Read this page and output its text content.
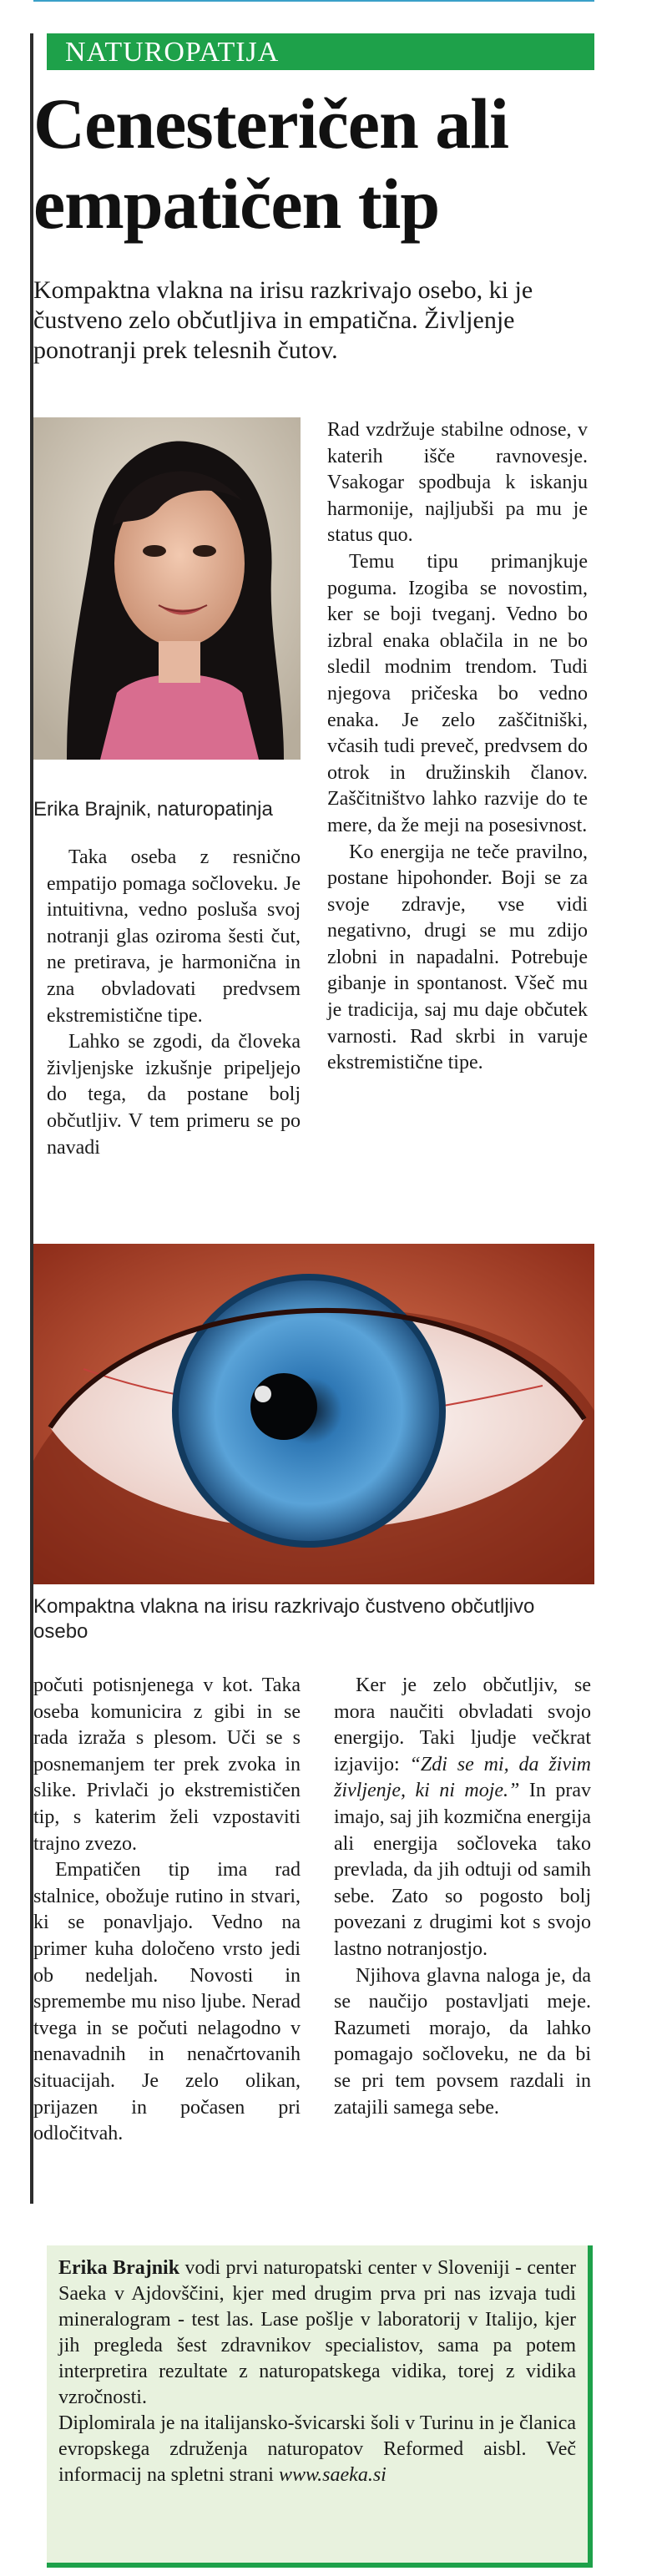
NATUROPATIJA
Cenesteričen ali
empatičen tip

Kompaktna vlakna na irisu razkrivajo osebo, ki je čustveno zelo občutljiva in empatična. Življenje ponotranji prek telesnih čutov.

Erika Brajnik, naturopatinja

Taka oseba z resnično empatijo pomaga sočloveku. Je intuitivna, vedno posluša svoj notranji glas oziroma šesti čut, ne pretirava, je harmonična in zna obvladovati predvsem ekstremistične tipe.

Lahko se zgodi, da človeka življenjske izkušnje pripeljejo do tega, da postane bolj občutljiv. V tem primeru se po navadi

Rad vzdržuje stabilne odnose, v katerih išče ravnovesje. Vsakogar spodbuja k iskanju harmonije, najljubši pa mu je status quo.

Temu tipu primanjkuje poguma. Izogiba se novostim, ker se boji tveganj. Vedno bo izbral enaka oblačila in ne bo sledil modnim trendom. Tudi njegova pričeska bo vedno enaka. Je zelo zaščitniški, včasih tudi preveč, predvsem do otrok in družinskih članov. Zaščitništvo lahko razvije do te mere, da že meji na posesivnost.

Ko energija ne teče pravilno, postane hipohonder. Boji se za svoje zdravje, vse vidi negativno, drugi se mu zdijo zlobni in napadalni. Potrebuje gibanje in spontanost. Všeč mu je tradicija, saj mu daje občutek varnosti. Rad skrbi in varuje ekstremistične tipe.

Kompaktna vlakna na irisu razkrivajo čustveno občutljivo osebo

počuti potisnjenega v kot. Taka oseba komunicira z gibi in se rada izraža s plesom. Uči se s posnemanjem ter prek zvoka in slike. Privlači jo ekstremističen tip, s katerim želi vzpostaviti trajno zvezo.

Empatičen tip ima rad stalnice, obožuje rutino in stvari, ki se ponavljajo. Vedno na primer kuha določeno vrsto jedi ob nedeljah. Novosti in spremembe mu niso ljube. Nerad tvega in se počuti nelagodno v nenavadnih in nenačrtovanih situacijah. Je zelo olikan, prijazen in počasen pri odločitvah.

Ker je zelo občutljiv, se mora naučiti obvladati svojo energijo. Taki ljudje večkrat izjavijo: “Zdi se mi, da živim življenje, ki ni moje.” In prav imajo, saj jih kozmična energija ali energija sočloveka tako prevlada, da jih odtuji od samih sebe. Zato so pogosto bolj povezani z drugimi kot s svojo lastno notranjostjo.

Njihova glavna naloga je, da se naučijo postavljati meje. Razumeti morajo, da lahko pomagajo sočloveku, ne da bi se pri tem povsem razdali in zatajili samega sebe.

Erika Brajnik vodi prvi naturopatski center v Sloveniji - center Saeka v Ajdovščini, kjer med drugim prva pri nas izvaja tudi mineralogram - test las. Lase pošlje v laboratorij v Italijo, kjer jih pregleda šest zdravnikov specialistov, sama pa potem interpretira rezultate z naturopatskega vidika, torej z vidika vzročnosti.

Diplomirala je na italijansko-švicarski šoli v Turinu in je članica evropskega združenja naturopatov Reformed aisbl. Več informacij na spletni strani www.saeka.si
